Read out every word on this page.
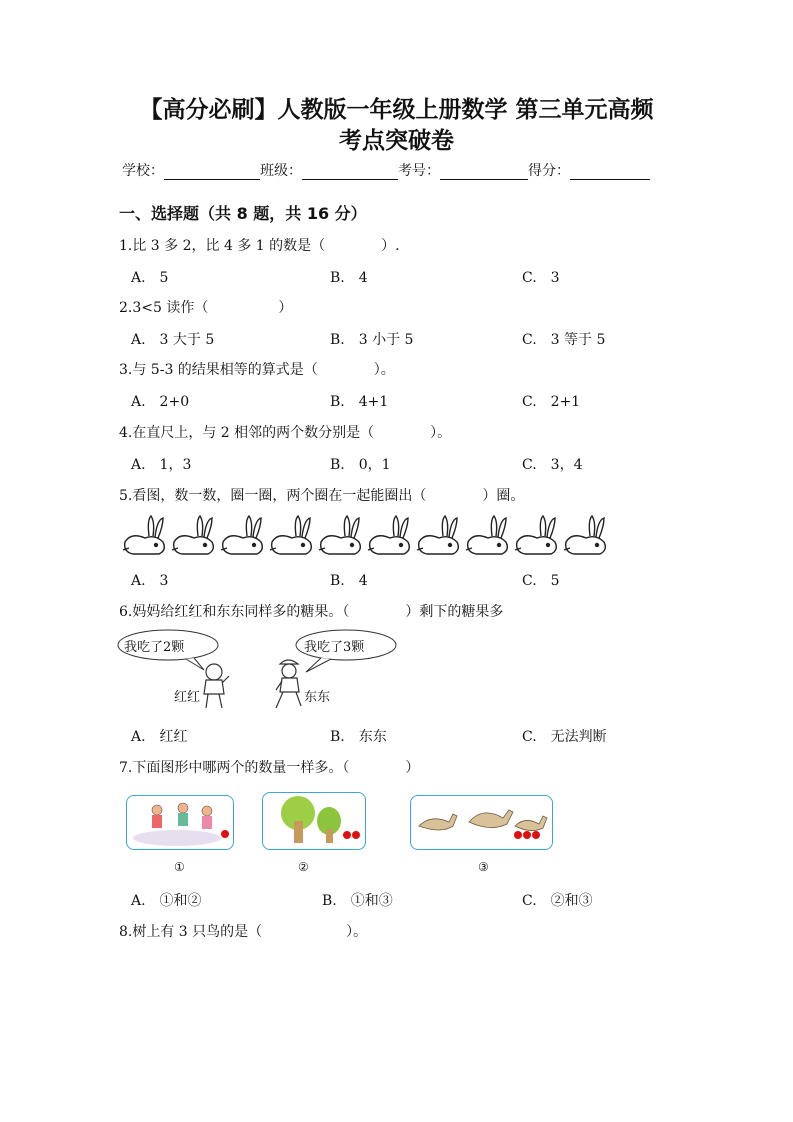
【高分必刷】人教版一年级上册数学 第三单元高频
考点突破卷
学校：	班级：	考号：	得分：
一、选择题（共 8 题，共 16 分）
1.比 3 多 2，比 4 多 1 的数是（　　　　）.
A.　5	B.　4	C.　3
2.3<5 读作（　　　　　）
A.　3 大于 5	B.　3 小于 5	C.　3 等于 5
3.与 5-3 的结果相等的算式是（　　　　）。
A.　2+0	B.　4+1	C.　2+1
4.在直尺上，与 2 相邻的两个数分别是（　　　　）。
A.　1，3	B.　0，1	C.　3，4
5.看图，数一数，圈一圈，两个圈在一起能圈出（　　　　）圈。
A.　3	B.　4	C.　5
6.妈妈给红红和东东同样多的糖果。（　　　　）剩下的糖果多
我吃了2颗	我吃了3颗
红红	东东
A.　红红	B.　东东	C.　无法判断
7.下面图形中哪两个的数量一样多。（　　　　）
①	②	③
A.　①和②	B.　①和③	C.　②和③
8.树上有 3 只鸟的是（　　　　　　）。
